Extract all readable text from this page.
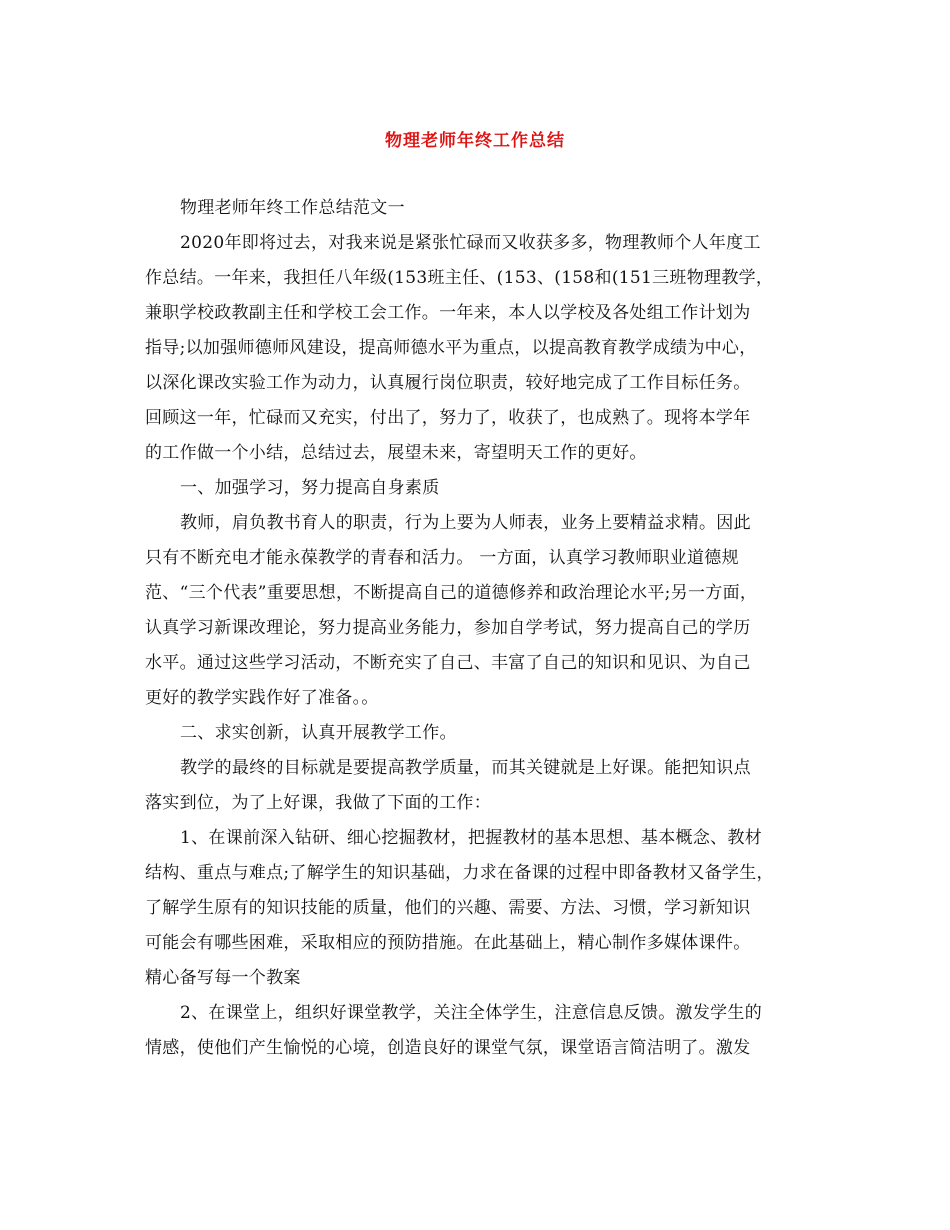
物理老师年终工作总结

物理老师年终工作总结范文一

2020年即将过去，对我来说是紧张忙碌而又收获多多，物理教师个人年度工

作总结。一年来，我担任八年级(153班主任、(153、(158和(151三班物理教学，

兼职学校政教副主任和学校工会工作。一年来，本人以学校及各处组工作计划为

指导;以加强师德师风建设，提高师德水平为重点，以提高教育教学成绩为中心，

以深化课改实验工作为动力，认真履行岗位职责，较好地完成了工作目标任务。

回顾这一年，忙碌而又充实，付出了，努力了，收获了，也成熟了。现将本学年

的工作做一个小结，总结过去，展望未来，寄望明天工作的更好。

一、加强学习，努力提高自身素质

教师，肩负教书育人的职责，行为上要为人师表，业务上要精益求精。因此

只有不断充电才能永葆教学的青春和活力。 一方面，认真学习教师职业道德规

范、“三个代表”重要思想，不断提高自己的道德修养和政治理论水平;另一方面，

认真学习新课改理论，努力提高业务能力，参加自学考试，努力提高自己的学历

水平。通过这些学习活动，不断充实了自己、丰富了自己的知识和见识、为自己

更好的教学实践作好了准备。。

二、求实创新，认真开展教学工作。

教学的最终的目标就是要提高教学质量，而其关键就是上好课。能把知识点

落实到位，为了上好课，我做了下面的工作：

1、在课前深入钻研、细心挖掘教材，把握教材的基本思想、基本概念、教材

结构、重点与难点;了解学生的知识基础，力求在备课的过程中即备教材又备学生，

了解学生原有的知识技能的质量，他们的兴趣、需要、方法、习惯，学习新知识

可能会有哪些困难，采取相应的预防措施。在此基础上，精心制作多媒体课件。

精心备写每一个教案

2、在课堂上，组织好课堂教学，关注全体学生，注意信息反馈。激发学生的

情感，使他们产生愉悦的心境，创造良好的课堂气氛，课堂语言简洁明了。激发
